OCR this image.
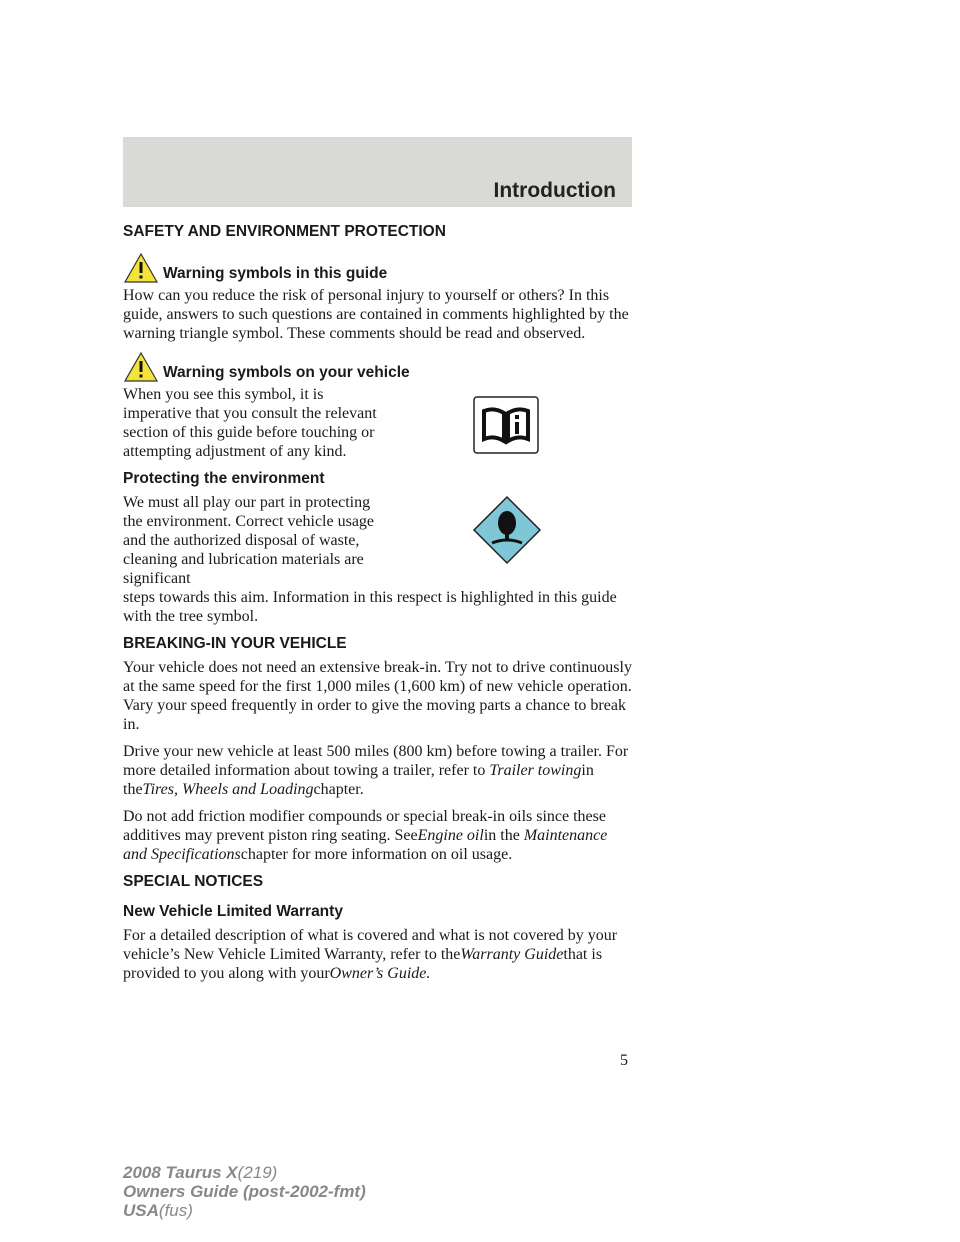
Introduction
SAFETY AND ENVIRONMENT PROTECTION
Warning symbols in this guide

How can you reduce the risk of personal injury to yourself or others? In this guide, answers to such questions are contained in comments highlighted by the warning triangle symbol. These comments should be read and observed.

Warning symbols on your vehicle

When you see this symbol, it is imperative that you consult the relevant section of this guide before touching or attempting adjustment of any kind.

Protecting the environment

We must all play our part in protecting the environment. Correct vehicle usage and the authorized disposal of waste, cleaning and lubrication materials are significant

steps towards this aim. Information in this respect is highlighted in this guide with the tree symbol.

BREAKING-IN YOUR VEHICLE

Your vehicle does not need an extensive break-in. Try not to drive continuously at the same speed for the first 1,000 miles (1,600 km) of new vehicle operation. Vary your speed frequently in order to give the moving parts a chance to break in.

Drive your new vehicle at least 500 miles (800 km) before towing a trailer. For more detailed information about towing a trailer, refer to Trailer towingin theTires, Wheels and Loadingchapter.

Do not add friction modifier compounds or special break-in oils since these additives may prevent piston ring seating. SeeEngine oilin the Maintenance and Specificationschapter for more information on oil usage.

SPECIAL NOTICES
New Vehicle Limited Warranty

For a detailed description of what is covered and what is not covered by your vehicle’s New Vehicle Limited Warranty, refer to theWarranty Guidethat is provided to you along with yourOwner’s Guide.

5
2008 Taurus X(219)
Owners Guide (post-2002-fmt)
USA(fus)
